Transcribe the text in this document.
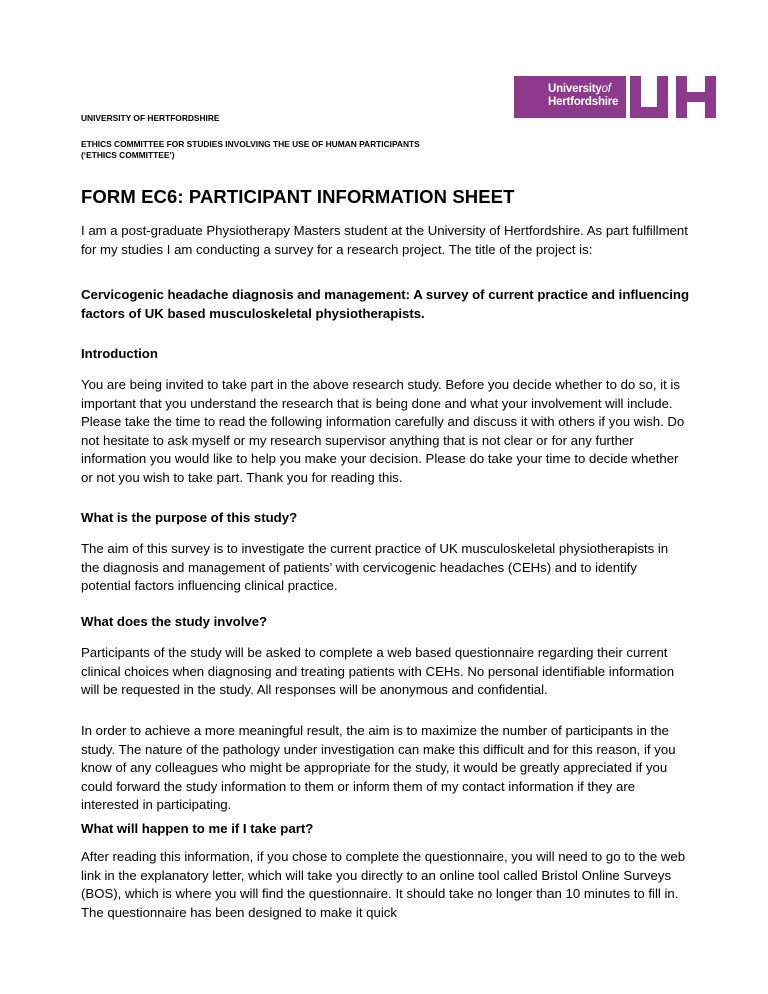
Universityof
Hertfordshire
UNIVERSITY OF HERTFORDSHIRE
ETHICS COMMITTEE FOR STUDIES INVOLVING THE USE OF HUMAN PARTICIPANTS
(‘ETHICS COMMITTEE’)
FORM EC6: PARTICIPANT INFORMATION SHEET
I am a post-graduate Physiotherapy Masters student at the University of Hertfordshire. As part fulfillment for my studies I am conducting a survey for a research project. The title of the project is:
Cervicogenic headache diagnosis and management: A survey of current practice and influencing factors of UK based musculoskeletal physiotherapists.
Introduction
You are being invited to take part in the above research study. Before you decide whether to do so, it is important that you understand the research that is being done and what your involvement will include. Please take the time to read the following information carefully and discuss it with others if you wish. Do not hesitate to ask myself or my research supervisor anything that is not clear or for any further information you would like to help you make your decision. Please do take your time to decide whether or not you wish to take part. Thank you for reading this.
What is the purpose of this study?
The aim of this survey is to investigate the current practice of UK musculoskeletal physiotherapists in the diagnosis and management of patients’ with cervicogenic headaches (CEHs) and to identify potential factors influencing clinical practice.
What does the study involve?
Participants of the study will be asked to complete a web based questionnaire regarding their current clinical choices when diagnosing and treating patients with CEHs. No personal identifiable information will be requested in the study. All responses will be anonymous and confidential.
In order to achieve a more meaningful result, the aim is to maximize the number of participants in the study. The nature of the pathology under investigation can make this difficult and for this reason, if you know of any colleagues who might be appropriate for the study, it would be greatly appreciated if you could forward the study information to them or inform them of my contact information if they are interested in participating.
What will happen to me if I take part?
After reading this information, if you chose to complete the questionnaire, you will need to go to the web link in the explanatory letter, which will take you directly to an online tool called Bristol Online Surveys (BOS), which is where you will find the questionnaire. It should take no longer than 10 minutes to fill in. The questionnaire has been designed to make it quick
